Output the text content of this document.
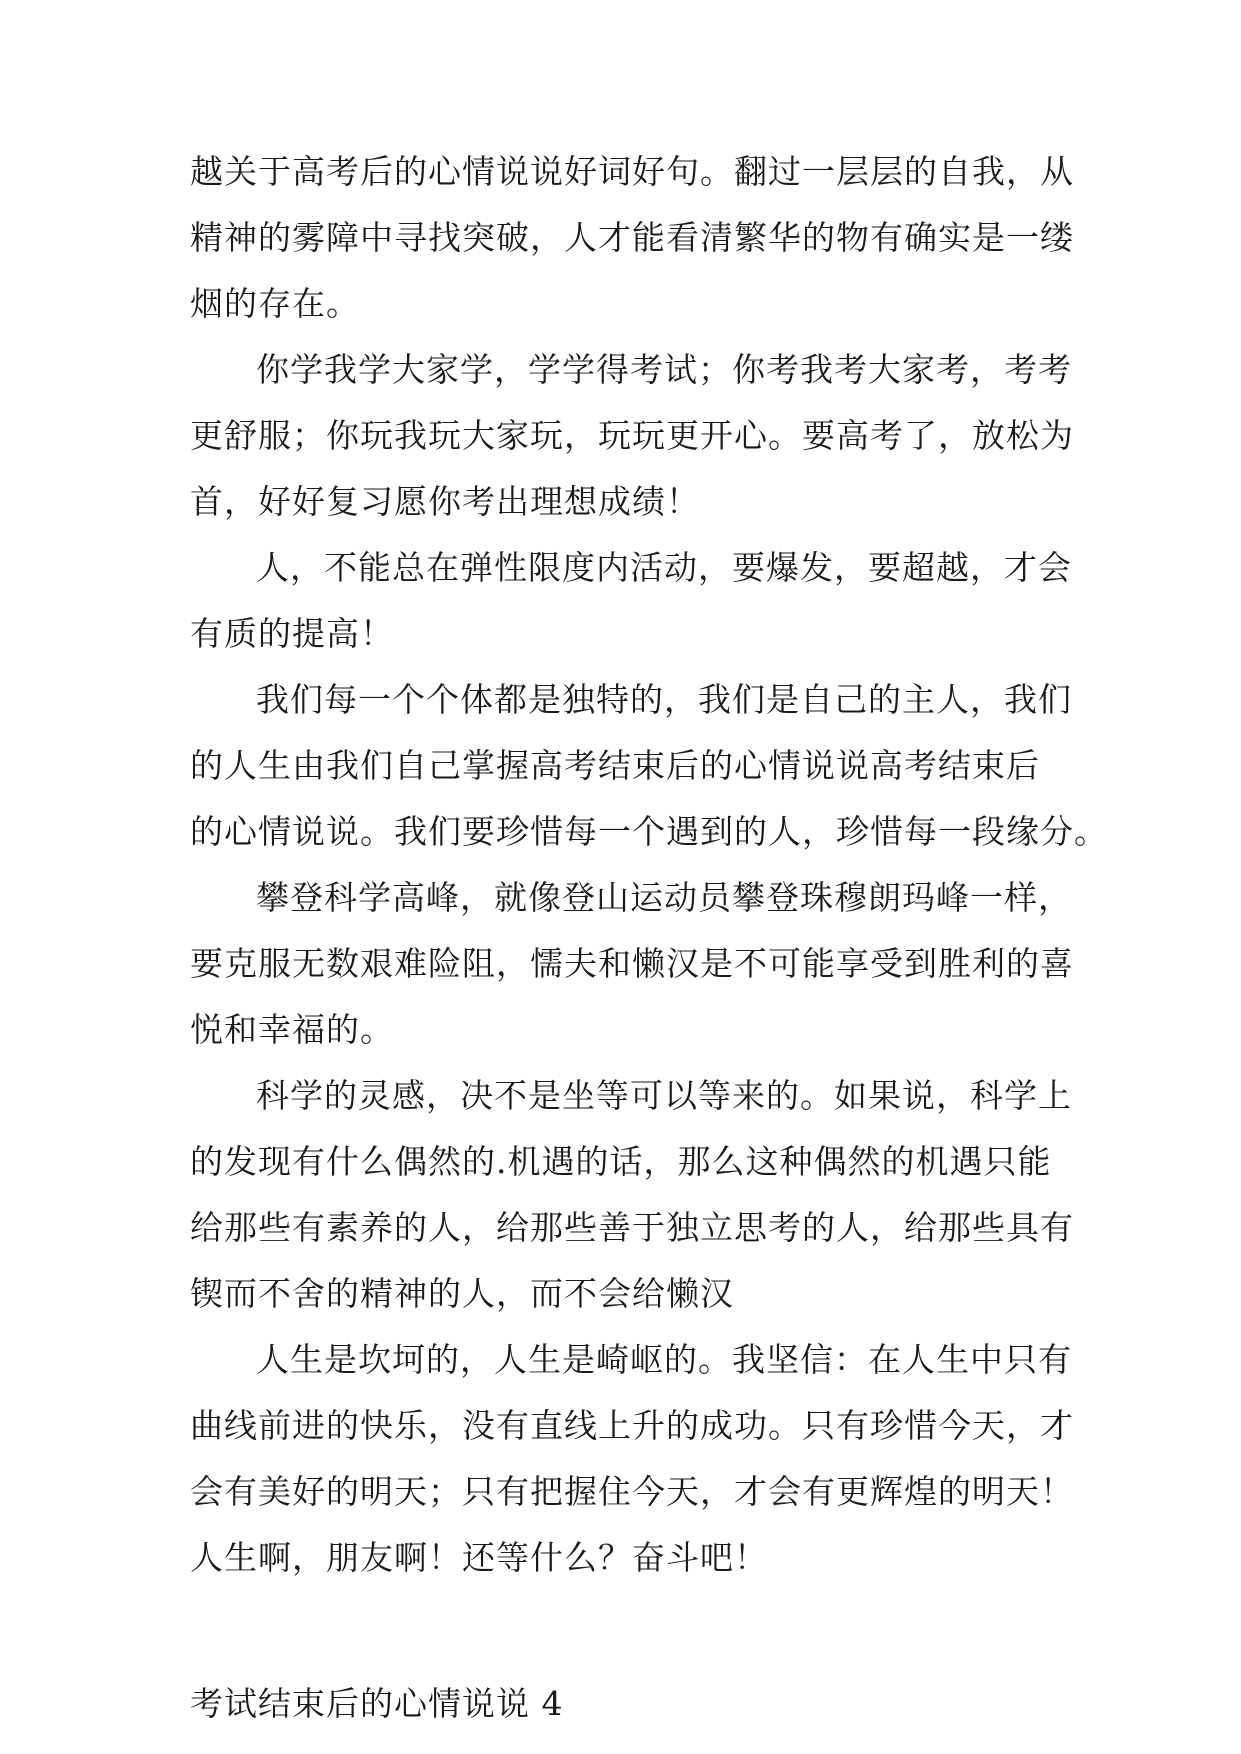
越关于高考后的心情说说好词好句。翻过一层层的自我，从
精神的雾障中寻找突破，人才能看清繁华的物有确实是一缕
烟的存在。
你学我学大家学，学学得考试；你考我考大家考，考考
更舒服；你玩我玩大家玩，玩玩更开心。要高考了，放松为
首，好好复习愿你考出理想成绩！
人，不能总在弹性限度内活动，要爆发，要超越，才会
有质的提高！
我们每一个个体都是独特的，我们是自己的主人，我们
的人生由我们自己掌握高考结束后的心情说说高考结束后
的心情说说。我们要珍惜每一个遇到的人，珍惜每一段缘分。
攀登科学高峰，就像登山运动员攀登珠穆朗玛峰一样，
要克服无数艰难险阻，懦夫和懒汉是不可能享受到胜利的喜
悦和幸福的。
科学的灵感，决不是坐等可以等来的。如果说，科学上
的发现有什么偶然的.机遇的话，那么这种偶然的机遇只能
给那些有素养的人，给那些善于独立思考的人，给那些具有
锲而不舍的精神的人，而不会给懒汉
人生是坎坷的，人生是崎岖的。我坚信：在人生中只有
曲线前进的快乐，没有直线上升的成功。只有珍惜今天，才
会有美好的明天；只有把握住今天，才会有更辉煌的明天！
人生啊，朋友啊！还等什么？奋斗吧！
考试结束后的心情说说 4
